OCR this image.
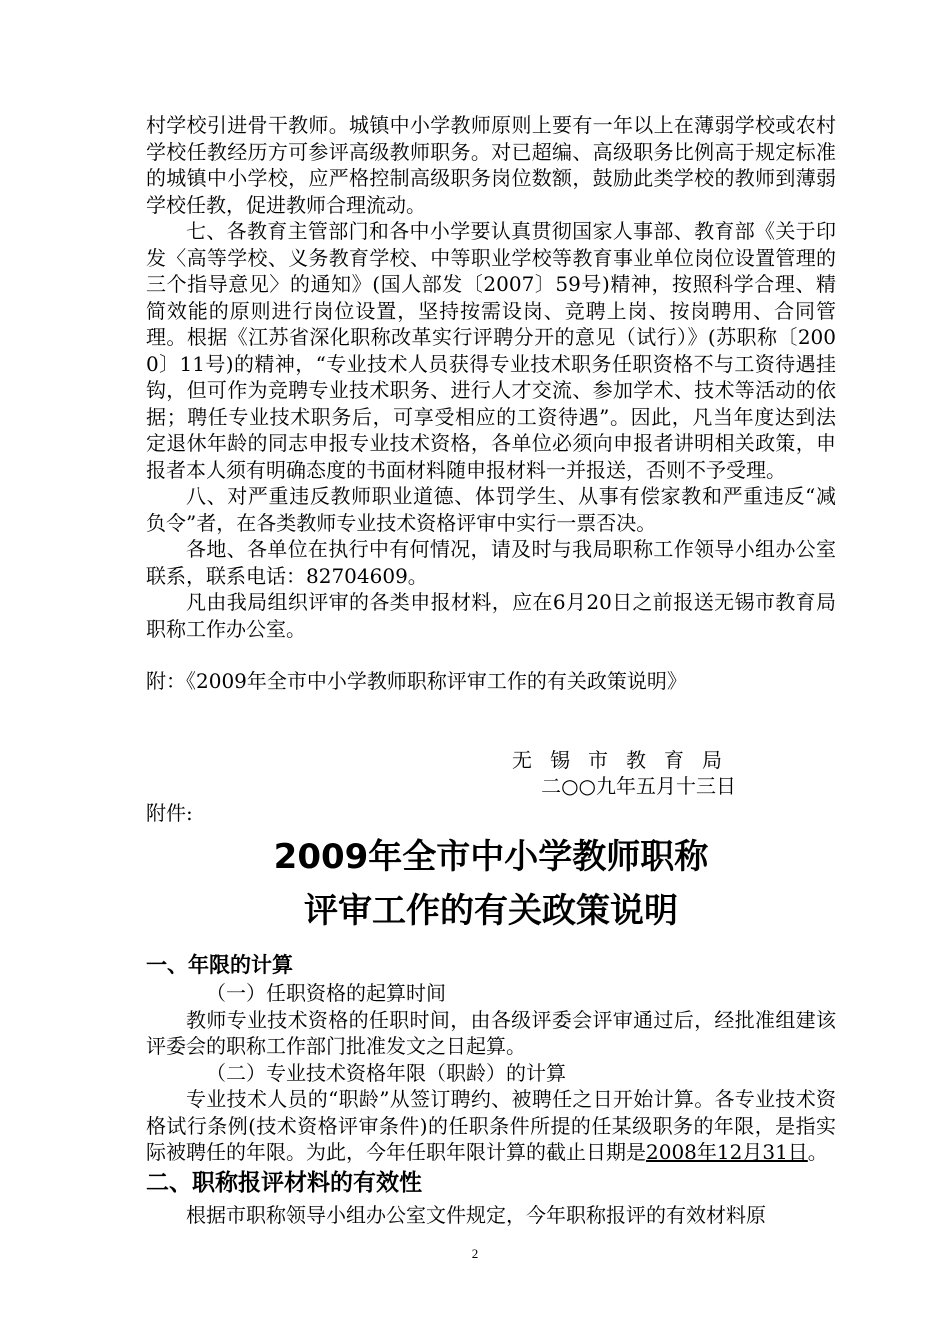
村学校引进骨干教师。城镇中小学教师原则上要有一年以上在薄弱学校或农村学校任教经历方可参评高级教师职务。对已超编、高级职务比例高于规定标准的城镇中小学校，应严格控制高级职务岗位数额，鼓励此类学校的教师到薄弱学校任教，促进教师合理流动。

七、各教育主管部门和各中小学要认真贯彻国家人事部、教育部《关于印发〈高等学校、义务教育学校、中等职业学校等教育事业单位岗位设置管理的三个指导意见〉的通知》(国人部发〔2007〕59号)精神，按照科学合理、精简效能的原则进行岗位设置，坚持按需设岗、竞聘上岗、按岗聘用、合同管理。根据《江苏省深化职称改革实行评聘分开的意见（试行）》(苏职称〔2000〕11号)的精神，“专业技术人员获得专业技术职务任职资格不与工资待遇挂钩，但可作为竞聘专业技术职务、进行人才交流、参加学术、技术等活动的依据；聘任专业技术职务后，可享受相应的工资待遇”。因此，凡当年度达到法定退休年龄的同志申报专业技术资格，各单位必须向申报者讲明相关政策，申报者本人须有明确态度的书面材料随申报材料一并报送，否则不予受理。

八、对严重违反教师职业道德、体罚学生、从事有偿家教和严重违反“减负令”者，在各类教师专业技术资格评审中实行一票否决。

各地、各单位在执行中有何情况，请及时与我局职称工作领导小组办公室联系，联系电话：82704609。

凡由我局组织评审的各类申报材料，应在6月20日之前报送无锡市教育局职称工作办公室。

附：《2009年全市中小学教师职称评审工作的有关政策说明》

无锡市教育局

二○○九年五月十三日

附件:

2009年全市中小学教师职称
评审工作的有关政策说明
一、年限的计算

（一）任职资格的起算时间

教师专业技术资格的任职时间，由各级评委会评审通过后，经批准组建该评委会的职称工作部门批准发文之日起算。

（二）专业技术资格年限（职龄）的计算

专业技术人员的“职龄”从签订聘约、被聘任之日开始计算。各专业技术资格试行条例(技术资格评审条件)的任职条件所提的任某级职务的年限，是指实际被聘任的年限。为此，今年任职年限计算的截止日期是2008年12月31日。

二、职称报评材料的有效性

根据市职称领导小组办公室文件规定，今年职称报评的有效材料原

2
